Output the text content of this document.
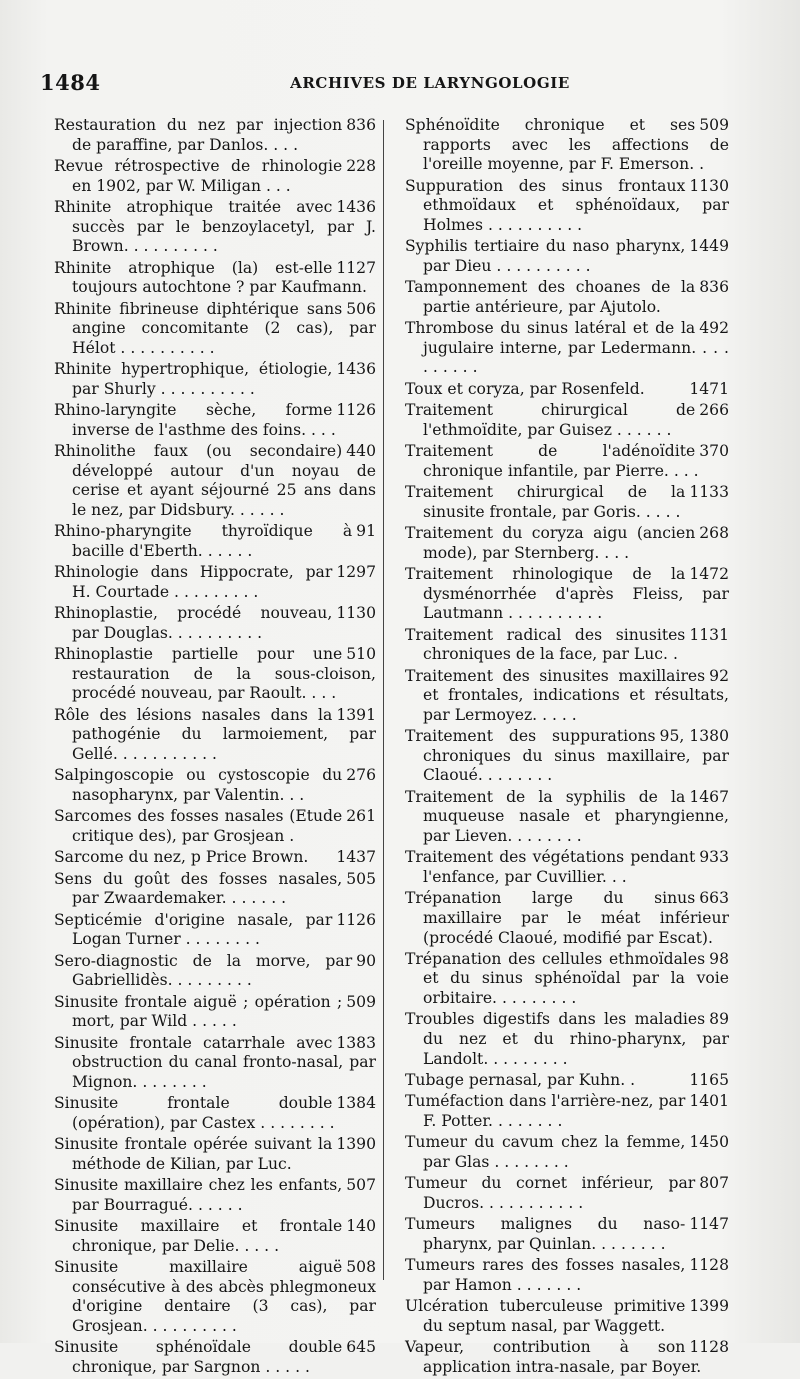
1484	ARCHIVES DE LARYNGOLOGIE
836
Restauration du nez par injection de paraffine, par Danlos. . . .
228
Revue rétrospective de rhinologie en 1902, par W. Miligan . . .
1436
Rhinite atrophique traitée avec succès par le benzoylacetyl, par J. Brown. . . . . . . . . .
1127
Rhinite atrophique (la) est-elle toujours autochtone ? par Kaufmann.
506
Rhinite fibrineuse diphtérique sans angine concomitante (2 cas), par Hélot . . . . . . . . . .
1436
Rhinite hypertrophique, étiologie, par Shurly . . . . . . . . . .
1126
Rhino-laryngite sèche, forme inverse de l'asthme des foins. . . .
440
Rhinolithe faux (ou secondaire) développé autour d'un noyau de cerise et ayant séjourné 25 ans dans le nez, par Didsbury. . . . . .
91
Rhino-pharyngite thyroïdique à bacille d'Eberth. . . . . .
1297
Rhinologie dans Hippocrate, par H. Courtade . . . . . . . . .
1130
Rhinoplastie, procédé nouveau, par Douglas. . . . . . . . . .
510
Rhinoplastie partielle pour une restauration de la sous-cloison, procédé nouveau, par Raoult. . . .
1391
Rôle des lésions nasales dans la pathogénie du larmoiement, par Gellé. . . . . . . . . . .
276
Salpingoscopie ou cystoscopie du nasopharynx, par Valentin. . .
261
Sarcomes des fosses nasales (Etude critique des), par Grosjean .
1437
Sarcome du nez, p Price Brown.
505
Sens du goût des fosses nasales, par Zwaardemaker. . . . . . .
1126
Septicémie d'origine nasale, par Logan Turner . . . . . . . .
90
Sero-diagnostic de la morve, par Gabriellidès. . . . . . . . .
509
Sinusite frontale aiguë ; opération ; mort, par Wild . . . . .
1383
Sinusite frontale catarrhale avec obstruction du canal fronto-nasal, par Mignon. . . . . . . .
1384
Sinusite frontale double (opération), par Castex . . . . . . . .
1390
Sinusite frontale opérée suivant la méthode de Kilian, par Luc.
507
Sinusite maxillaire chez les enfants, par Bourragué. . . . . .
140
Sinusite maxillaire et frontale chronique, par Delie. . . . .
508
Sinusite maxillaire aiguë consécutive à des abcès phlegmoneux d'origine dentaire (3 cas), par Grosjean. . . . . . . . . .
645
Sinusite sphénoïdale double chronique, par Sargnon . . . . .
509
Sphénoïdite chronique et ses rapports avec les affections de l'oreille moyenne, par F. Emerson. .
1130
Suppuration des sinus frontaux ethmoïdaux et sphénoïdaux, par Holmes . . . . . . . . . .
1449
Syphilis tertiaire du naso pharynx, par Dieu . . . . . . . . . .
836
Tamponnement des choanes de la partie antérieure, par Ajutolo.
492
Thrombose du sinus latéral et de la jugulaire interne, par Ledermann. . . . . . . . . .
1471
Toux et coryza, par Rosenfeld.
266
Traitement chirurgical de l'ethmoïdite, par Guisez . . . . . .
370
Traitement de l'adénoïdite chronique infantile, par Pierre. . . .
1133
Traitement chirurgical de la sinusite frontale, par Goris. . . . .
268
Traitement du coryza aigu (ancien mode), par Sternberg. . . .
1472
Traitement rhinologique de la dysménorrhée d'après Fleiss, par Lautmann . . . . . . . . . .
1131
Traitement radical des sinusites chroniques de la face, par Luc. .
92
Traitement des sinusites maxillaires et frontales, indications et résultats, par Lermoyez. . . . .
95, 1380
Traitement des suppurations chroniques du sinus maxillaire, par Claoué. . . . . . . .
1467
Traitement de la syphilis de la muqueuse nasale et pharyngienne, par Lieven. . . . . . . .
933
Traitement des végétations pendant l'enfance, par Cuvillier. . .
663
Trépanation large du sinus maxillaire par le méat inférieur (procédé Claoué, modifié par Escat).
98
Trépanation des cellules ethmoïdales et du sinus sphénoïdal par la voie orbitaire. . . . . . . . .
89
Troubles digestifs dans les maladies du nez et du rhino-pharynx, par Landolt. . . . . . . . .
1165
Tubage pernasal, par Kuhn. .
1401
Tuméfaction dans l'arrière-nez, par F. Potter. . . . . . . .
1450
Tumeur du cavum chez la femme, par Glas . . . . . . . .
807
Tumeur du cornet inférieur, par Ducros. . . . . . . . . . .
1147
Tumeurs malignes du naso-pharynx, par Quinlan. . . . . . . .
1128
Tumeurs rares des fosses nasales, par Hamon . . . . . . .
1399
Ulcération tuberculeuse primitive du septum nasal, par Waggett.
1128
Vapeur, contribution à son application intra-nasale, par Boyer.
